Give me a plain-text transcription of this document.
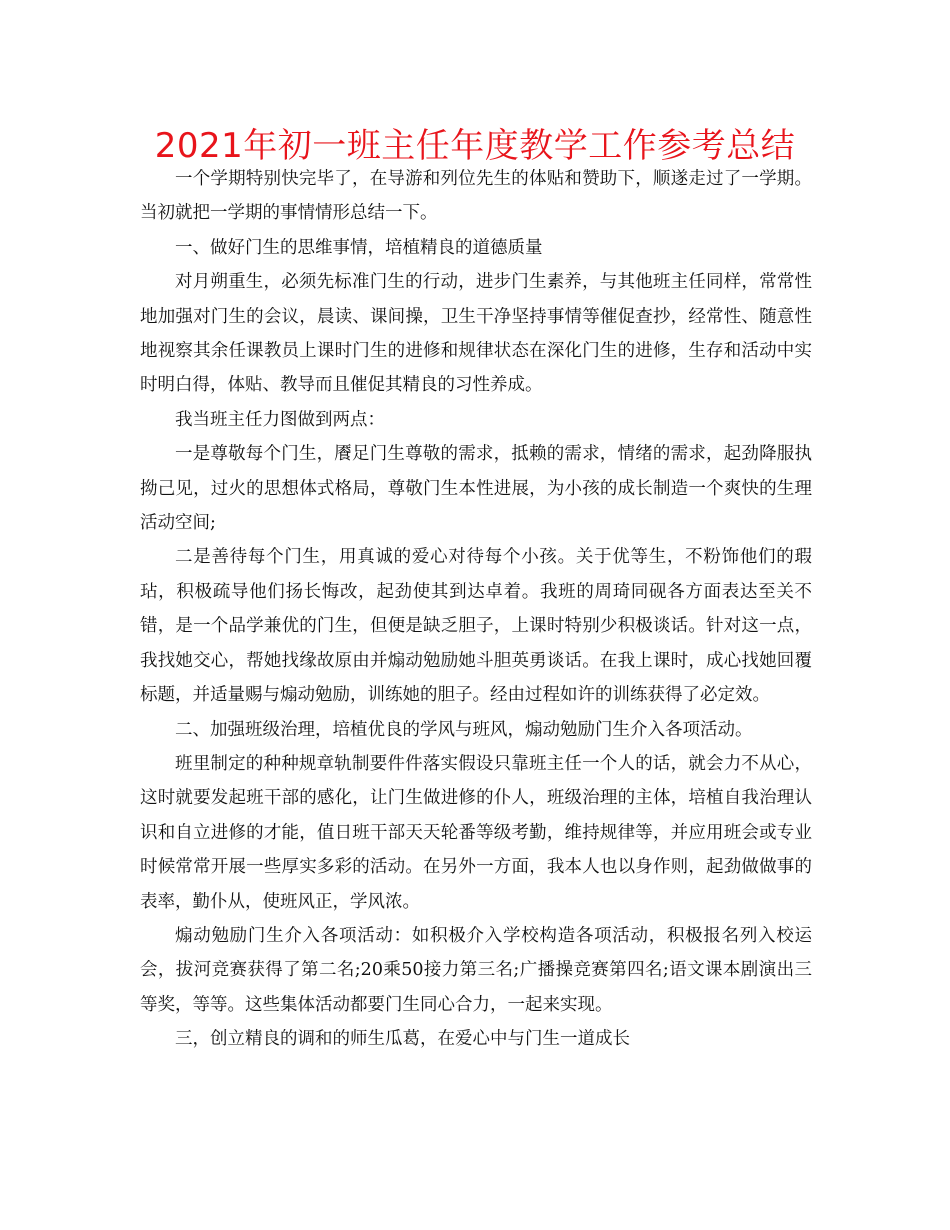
2021年初一班主任年度教学工作参考总结

一个学期特别快完毕了，在导游和列位先生的体贴和赞助下，顺遂走过了一学期。当初就把一学期的事情情形总结一下。

一、做好门生的思维事情，培植精良的道德质量

对月朔重生，必须先标准门生的行动，进步门生素养，与其他班主任同样，常常性地加强对门生的会议，晨读、课间操，卫生干净坚持事情等催促查抄，经常性、随意性地视察其余任课教员上课时门生的进修和规律状态在深化门生的进修，生存和活动中实时明白得，体贴、教导而且催促其精良的习性养成。

我当班主任力图做到两点：

一是尊敬每个门生，餍足门生尊敬的需求，抵赖的需求，情绪的需求，起劲降服执拗己见，过火的思想体式格局，尊敬门生本性进展，为小孩的成长制造一个爽快的生理活动空间;

二是善待每个门生，用真诚的爱心对待每个小孩。关于优等生，不粉饰他们的瑕玷，积极疏导他们扬长悔改，起劲使其到达卓着。我班的周琦同砚各方面表达至关不错，是一个品学兼优的门生，但便是缺乏胆子，上课时特别少积极谈话。针对这一点，我找她交心，帮她找缘故原由并煽动勉励她斗胆英勇谈话。在我上课时，成心找她回覆标题，并适量赐与煽动勉励，训练她的胆子。经由过程如许的训练获得了必定效。

二、加强班级治理，培植优良的学风与班风，煽动勉励门生介入各项活动。

班里制定的种种规章轨制要件件落实假设只靠班主任一个人的话，就会力不从心，这时就要发起班干部的感化，让门生做进修的仆人，班级治理的主体，培植自我治理认识和自立进修的才能，值日班干部天天轮番等级考勤，维持规律等，并应用班会或专业时候常常开展一些厚实多彩的活动。在另外一方面，我本人也以身作则，起劲做做事的表率，勤仆从，使班风正，学风浓。

煽动勉励门生介入各项活动：如积极介入学校构造各项活动，积极报名列入校运会，拔河竞赛获得了第二名;20乘50接力第三名;广播操竞赛第四名;语文课本剧演出三等奖，等等。这些集体活动都要门生同心合力，一起来实现。

三，创立精良的调和的师生瓜葛，在爱心中与门生一道成长
